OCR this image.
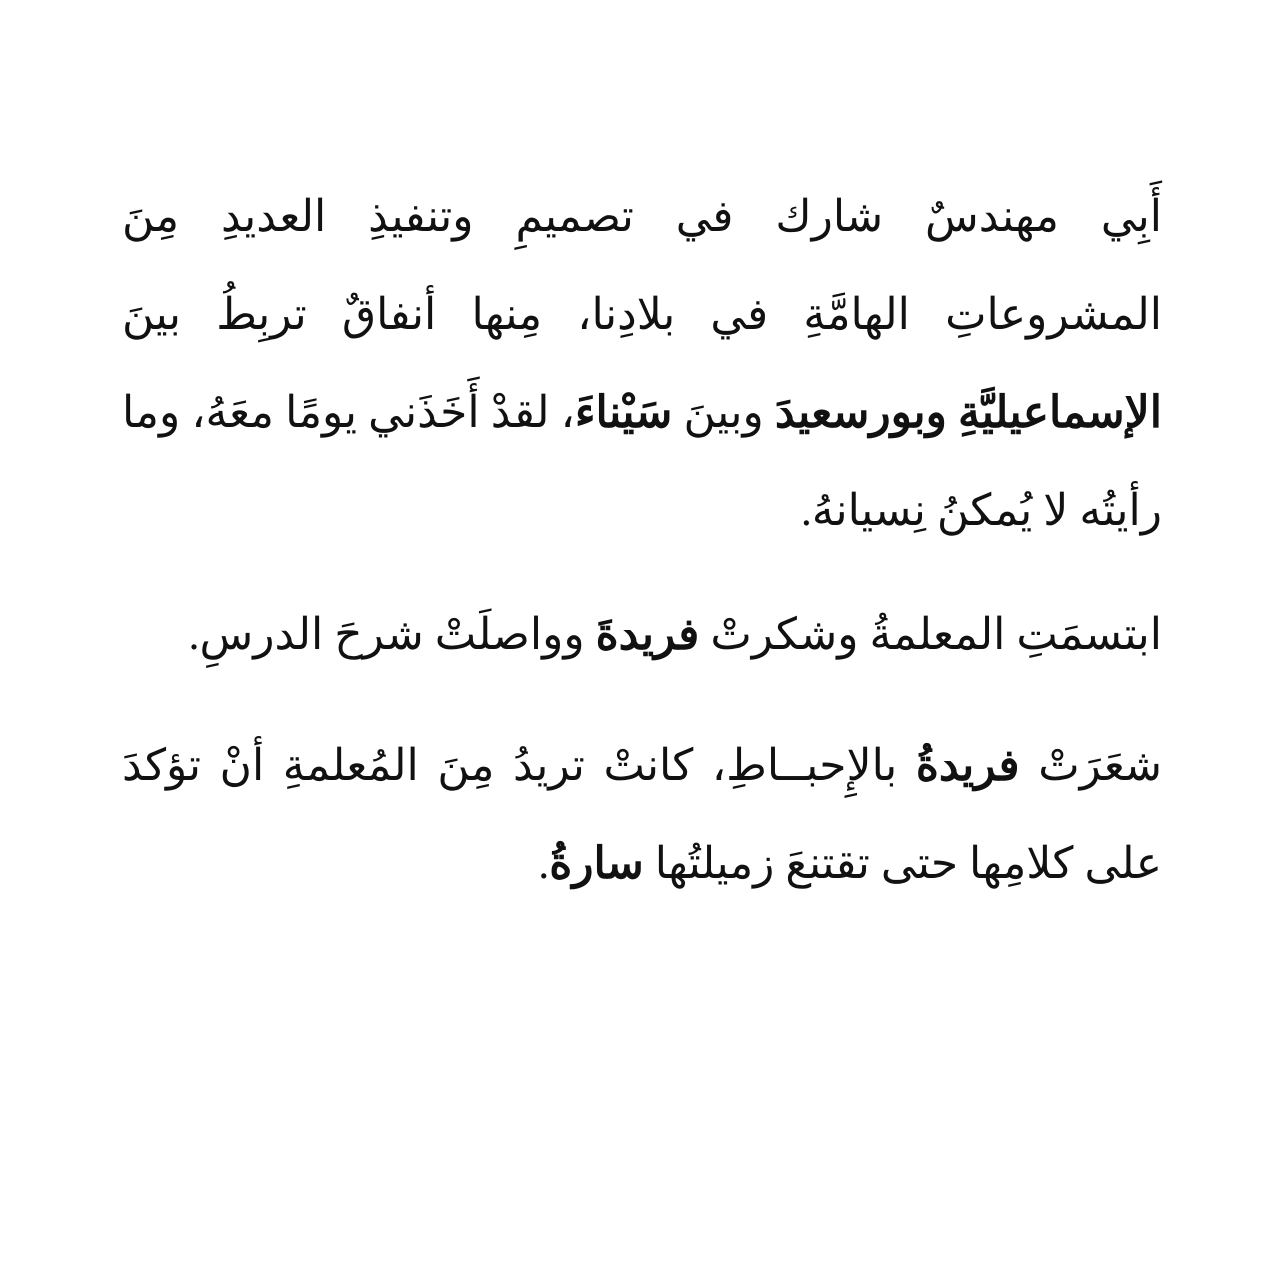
أَبِي مهندسٌ شارك في تصميمِ وتنفيذِ العديدِ مِنَ المشروعاتِ الهامَّةِ في بلادِنا، مِنها أنفاقٌ تربِطُ بينَ الإسماعيليَّةِ وبورسعيدَ وبينَ سَيْناءَ، لقدْ أَخَذَني يومًا معَهُ، وما رأيتُه لا يُمكنُ نِسيانهُ.

ابتسمَتِ المعلمةُ وشكرتْ فريدةَ وواصلَتْ شرحَ الدرسِ.

شعَرَتْ فريدةُ بالإِحبــاطِ، كانتْ تريدُ مِنَ المُعلمةِ أنْ تؤكدَ على كلامِها حتى تقتنعَ زميلتُها سارةُ.
